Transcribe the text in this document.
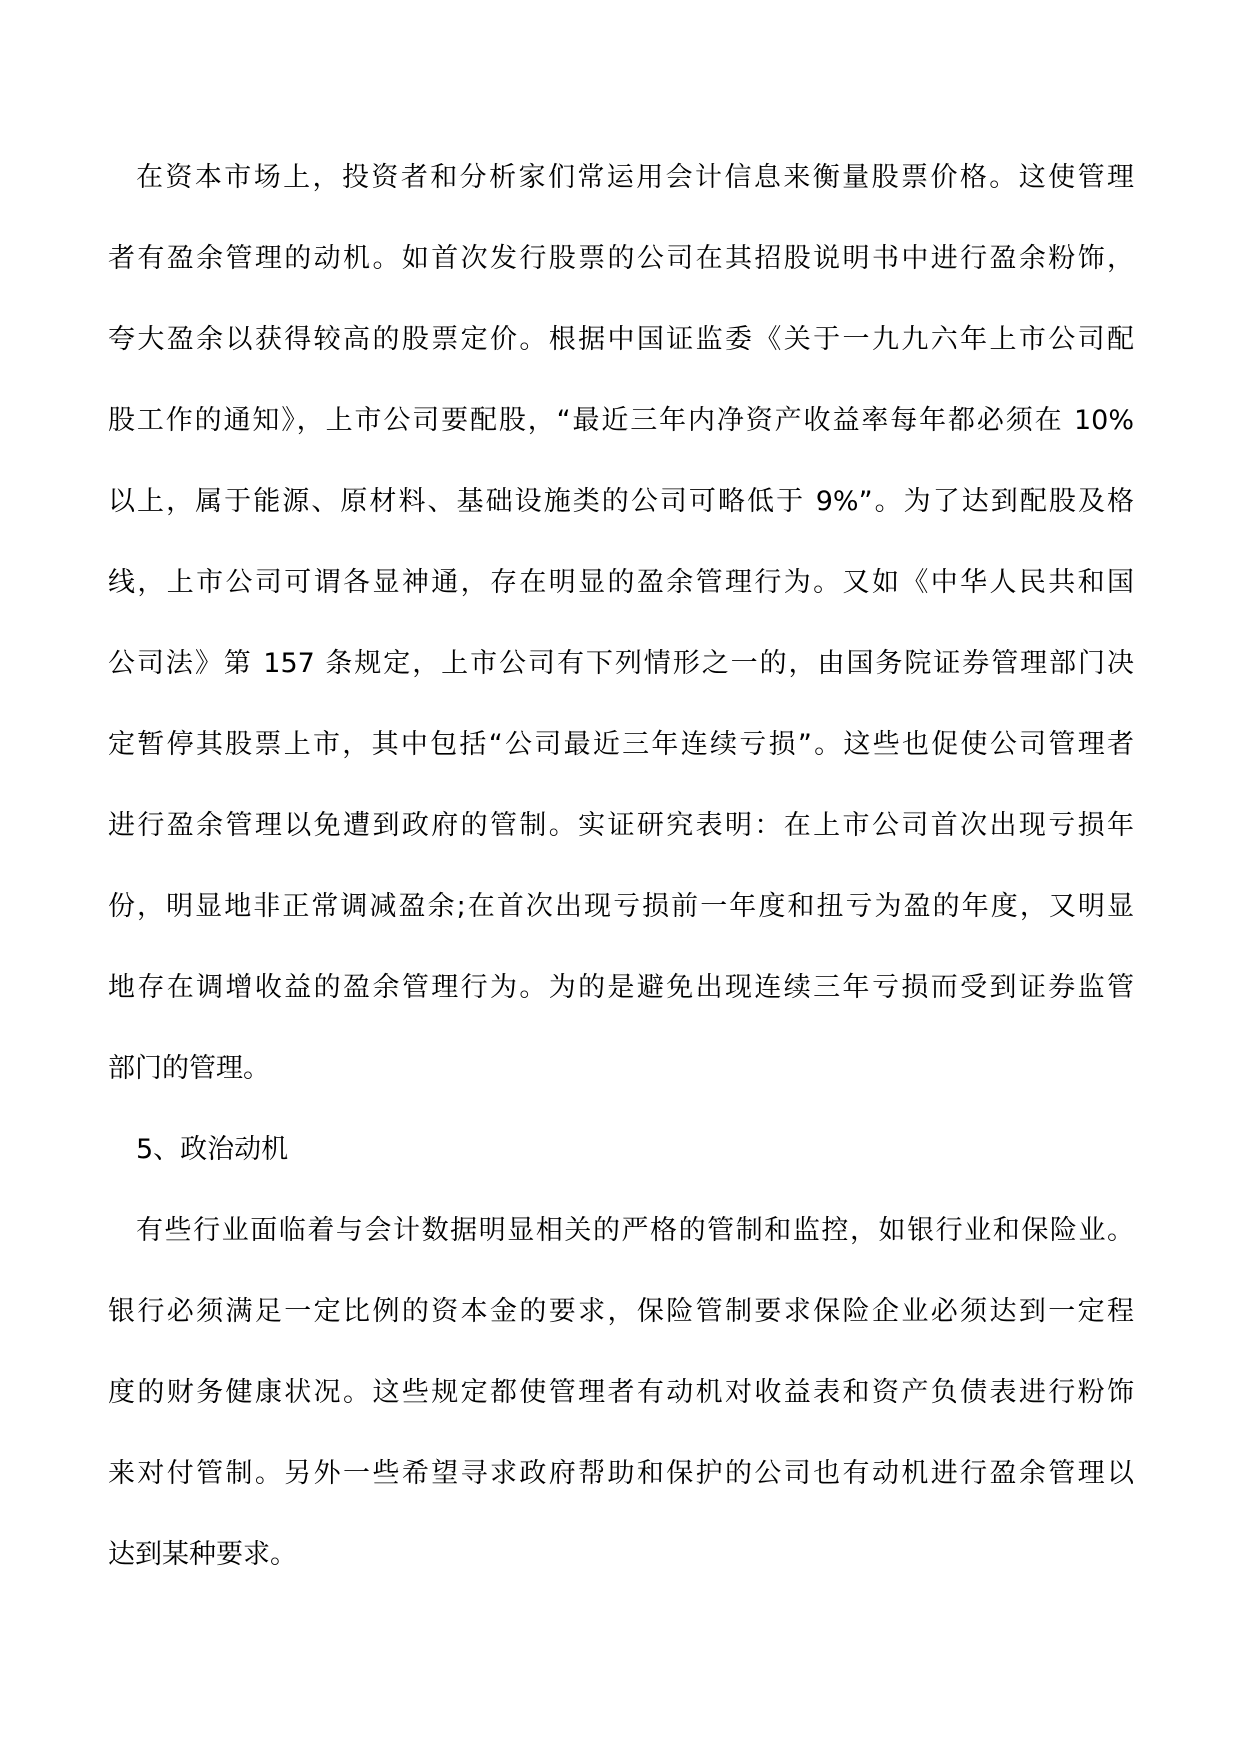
在资本市场上，投资者和分析家们常运用会计信息来衡量股票价格。这使管理
者有盈余管理的动机。如首次发行股票的公司在其招股说明书中进行盈余粉饰，
夸大盈余以获得较高的股票定价。根据中国证监委《关于一九九六年上市公司配
股工作的通知》，上市公司要配股，“最近三年内净资产收益率每年都必须在 10%
以上，属于能源、原材料、基础设施类的公司可略低于 9%”。为了达到配股及格
线，上市公司可谓各显神通，存在明显的盈余管理行为。又如《中华人民共和国
公司法》第 157 条规定，上市公司有下列情形之一的，由国务院证券管理部门决
定暂停其股票上市，其中包括“公司最近三年连续亏损”。这些也促使公司管理者
进行盈余管理以免遭到政府的管制。实证研究表明：在上市公司首次出现亏损年
份，明显地非正常调减盈余;在首次出现亏损前一年度和扭亏为盈的年度，又明显
地存在调增收益的盈余管理行为。为的是避免出现连续三年亏损而受到证券监管
部门的管理。
5、政治动机
有些行业面临着与会计数据明显相关的严格的管制和监控，如银行业和保险业。
银行必须满足一定比例的资本金的要求，保险管制要求保险企业必须达到一定程
度的财务健康状况。这些规定都使管理者有动机对收益表和资产负债表进行粉饰
来对付管制。另外一些希望寻求政府帮助和保护的公司也有动机进行盈余管理以
达到某种要求。
